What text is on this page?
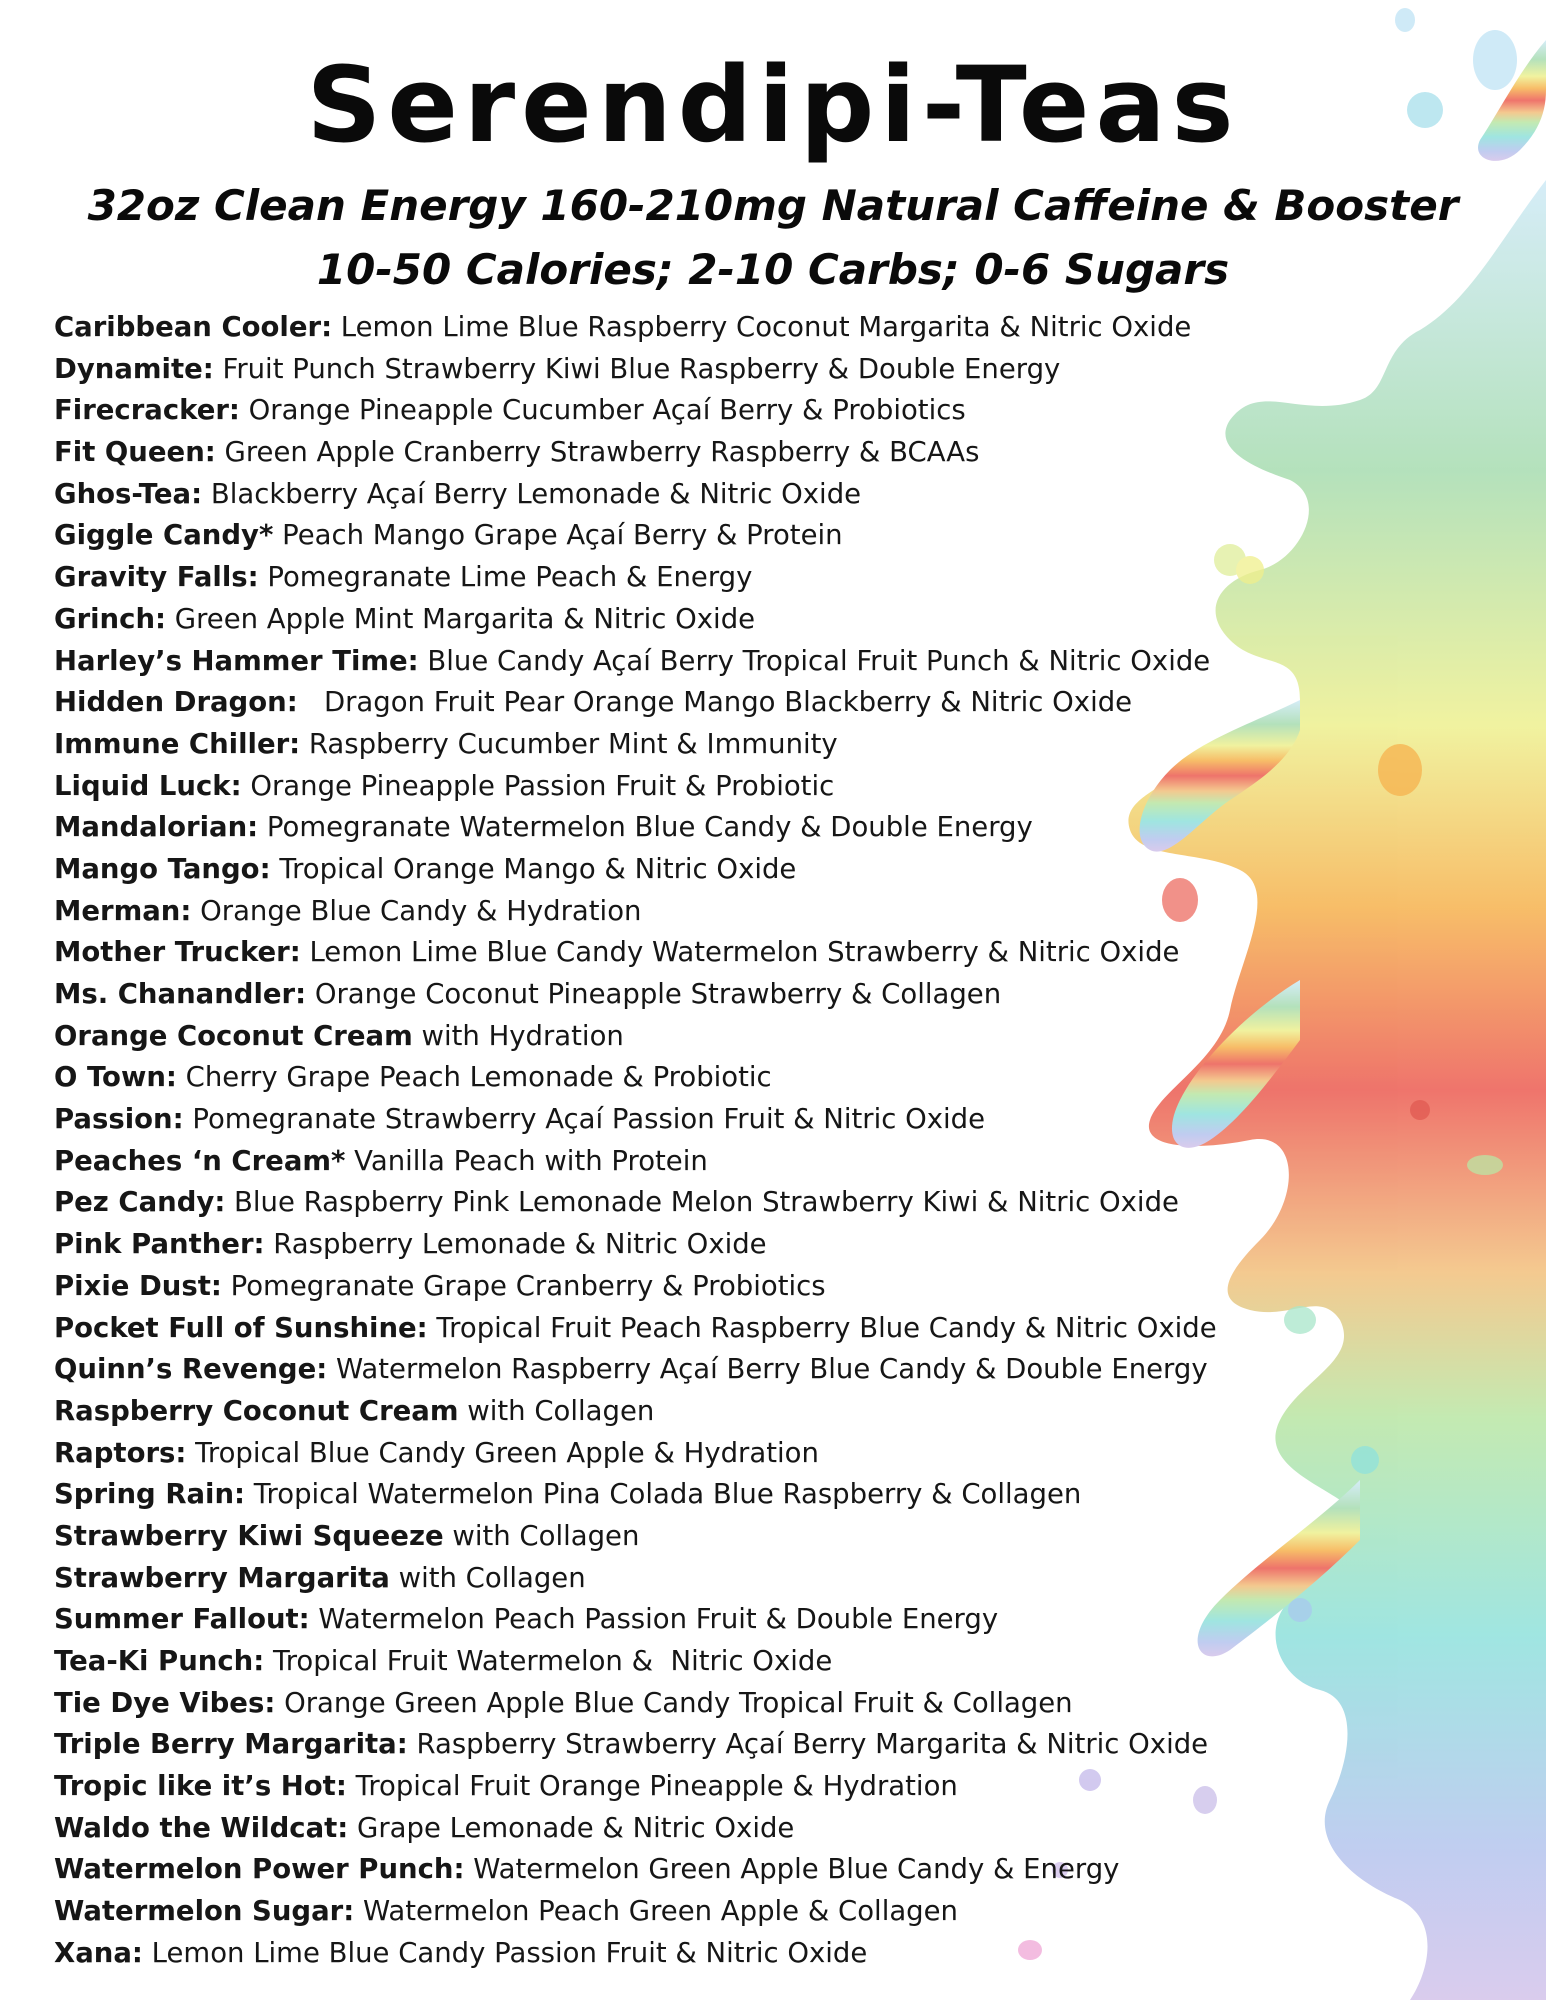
Serendipi-Teas
32oz Clean Energy 160-210mg Natural Caffeine & Booster
10-50 Calories; 2-10 Carbs; 0-6 Sugars
Caribbean Cooler: Lemon Lime Blue Raspberry Coconut Margarita & Nitric Oxide
Dynamite: Fruit Punch Strawberry Kiwi Blue Raspberry & Double Energy
Firecracker: Orange Pineapple Cucumber Açaí Berry & Probiotics
Fit Queen: Green Apple Cranberry Strawberry Raspberry & BCAAs
Ghos-Tea: Blackberry Açaí Berry Lemonade & Nitric Oxide
Giggle Candy* Peach Mango Grape Açaí Berry & Protein
Gravity Falls: Pomegranate Lime Peach & Energy
Grinch: Green Apple Mint Margarita & Nitric Oxide
Harley’s Hammer Time: Blue Candy Açaí Berry Tropical Fruit Punch & Nitric Oxide
Hidden Dragon:   Dragon Fruit Pear Orange Mango Blackberry & Nitric Oxide
Immune Chiller: Raspberry Cucumber Mint & Immunity
Liquid Luck: Orange Pineapple Passion Fruit & Probiotic
Mandalorian: Pomegranate Watermelon Blue Candy & Double Energy
Mango Tango: Tropical Orange Mango & Nitric Oxide
Merman: Orange Blue Candy & Hydration
Mother Trucker: Lemon Lime Blue Candy Watermelon Strawberry & Nitric Oxide
Ms. Chanandler: Orange Coconut Pineapple Strawberry & Collagen
Orange Coconut Cream with Hydration
O Town: Cherry Grape Peach Lemonade & Probiotic
Passion: Pomegranate Strawberry Açaí Passion Fruit & Nitric Oxide
Peaches ‘n Cream* Vanilla Peach with Protein
Pez Candy: Blue Raspberry Pink Lemonade Melon Strawberry Kiwi & Nitric Oxide
Pink Panther: Raspberry Lemonade & Nitric Oxide
Pixie Dust: Pomegranate Grape Cranberry & Probiotics
Pocket Full of Sunshine: Tropical Fruit Peach Raspberry Blue Candy & Nitric Oxide
Quinn’s Revenge: Watermelon Raspberry Açaí Berry Blue Candy & Double Energy
Raspberry Coconut Cream with Collagen
Raptors: Tropical Blue Candy Green Apple & Hydration
Spring Rain: Tropical Watermelon Pina Colada Blue Raspberry & Collagen
Strawberry Kiwi Squeeze with Collagen
Strawberry Margarita with Collagen
Summer Fallout: Watermelon Peach Passion Fruit & Double Energy
Tea-Ki Punch: Tropical Fruit Watermelon &  Nitric Oxide
Tie Dye Vibes: Orange Green Apple Blue Candy Tropical Fruit & Collagen
Triple Berry Margarita: Raspberry Strawberry Açaí Berry Margarita & Nitric Oxide
Tropic like it’s Hot: Tropical Fruit Orange Pineapple & Hydration
Waldo the Wildcat: Grape Lemonade & Nitric Oxide
Watermelon Power Punch: Watermelon Green Apple Blue Candy & Energy
Watermelon Sugar: Watermelon Peach Green Apple & Collagen
Xana: Lemon Lime Blue Candy Passion Fruit & Nitric Oxide
